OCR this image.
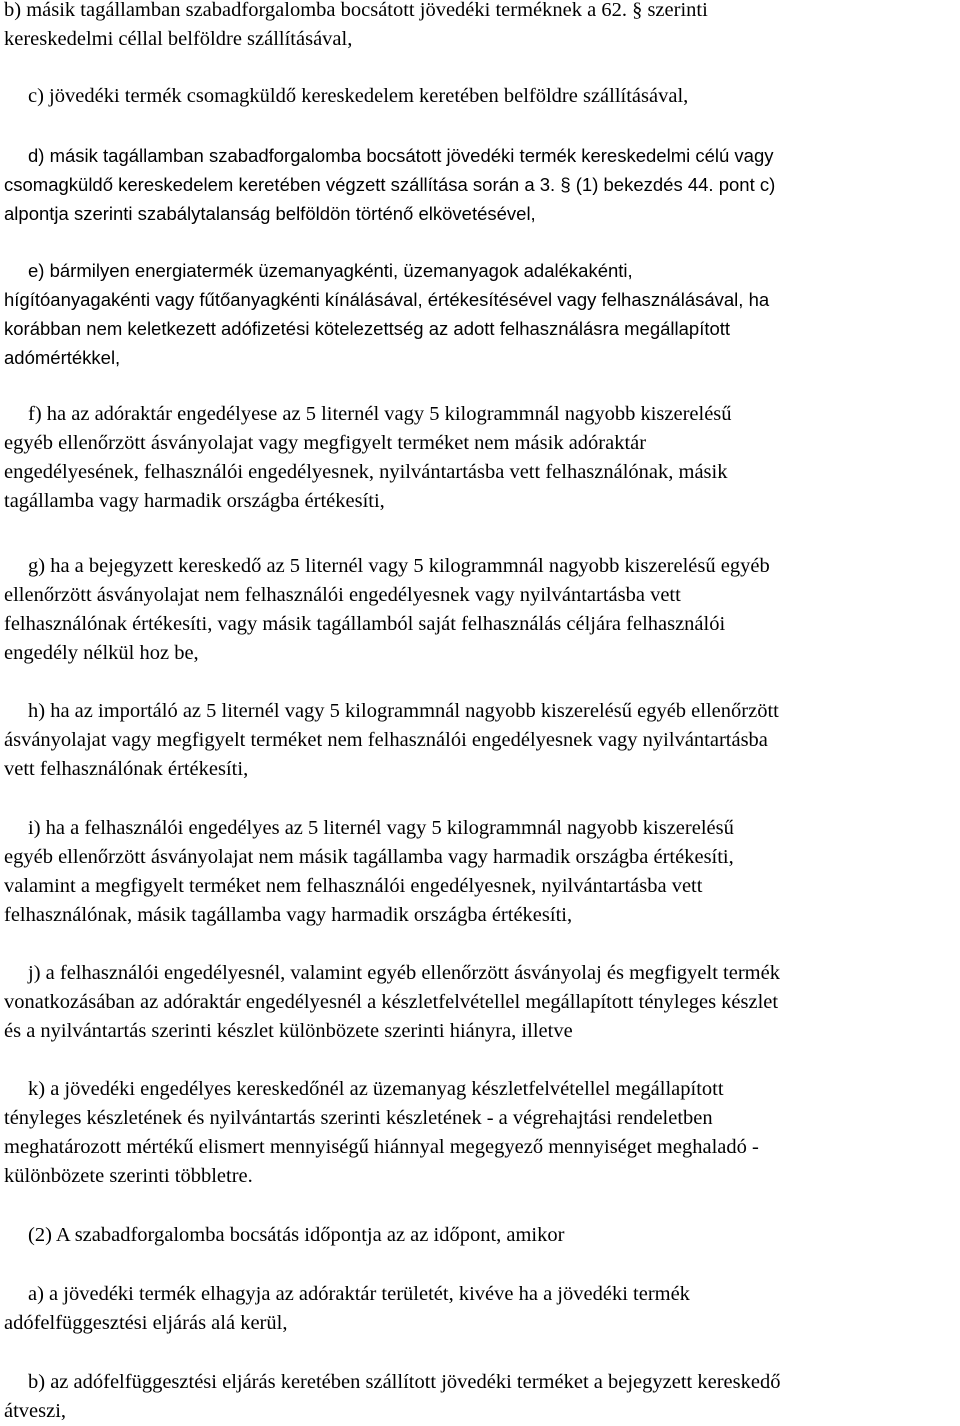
b) másik tagállamban szabadforgalomba bocsátott jövedéki terméknek a 62. § szerinti
kereskedelmi céllal belföldre szállításával,

c) jövedéki termék csomagküldő kereskedelem keretében belföldre szállításával,

d) másik tagállamban szabadforgalomba bocsátott jövedéki termék kereskedelmi célú vagy
csomagküldő kereskedelem keretében végzett szállítása során a 3. § (1) bekezdés 44. pont c)
alpontja szerinti szabálytalanság belföldön történő elkövetésével,

e) bármilyen energiatermék üzemanyagkénti, üzemanyagok adalékakénti,
hígítóanyagakénti vagy fűtőanyagkénti kínálásával, értékesítésével vagy felhasználásával, ha
korábban nem keletkezett adófizetési kötelezettség az adott felhasználásra megállapított
adómértékkel,

f) ha az adóraktár engedélyese az 5 liternél vagy 5 kilogrammnál nagyobb kiszerelésű
egyéb ellenőrzött ásványolajat vagy megfigyelt terméket nem másik adóraktár
engedélyesének, felhasználói engedélyesnek, nyilvántartásba vett felhasználónak, másik
tagállamba vagy harmadik országba értékesíti,

g) ha a bejegyzett kereskedő az 5 liternél vagy 5 kilogrammnál nagyobb kiszerelésű egyéb
ellenőrzött ásványolajat nem felhasználói engedélyesnek vagy nyilvántartásba vett
felhasználónak értékesíti, vagy másik tagállamból saját felhasználás céljára felhasználói
engedély nélkül hoz be,

h) ha az importáló az 5 liternél vagy 5 kilogrammnál nagyobb kiszerelésű egyéb ellenőrzött
ásványolajat vagy megfigyelt terméket nem felhasználói engedélyesnek vagy nyilvántartásba
vett felhasználónak értékesíti,

i) ha a felhasználói engedélyes az 5 liternél vagy 5 kilogrammnál nagyobb kiszerelésű
egyéb ellenőrzött ásványolajat nem másik tagállamba vagy harmadik országba értékesíti,
valamint a megfigyelt terméket nem felhasználói engedélyesnek, nyilvántartásba vett
felhasználónak, másik tagállamba vagy harmadik országba értékesíti,

j) a felhasználói engedélyesnél, valamint egyéb ellenőrzött ásványolaj és megfigyelt termék
vonatkozásában az adóraktár engedélyesnél a készletfelvétellel megállapított tényleges készlet
és a nyilvántartás szerinti készlet különbözete szerinti hiányra, illetve

k) a jövedéki engedélyes kereskedőnél az üzemanyag készletfelvétellel megállapított
tényleges készletének és nyilvántartás szerinti készletének - a végrehajtási rendeletben
meghatározott mértékű elismert mennyiségű hiánnyal megegyező mennyiséget meghaladó -
különbözete szerinti többletre.

(2) A szabadforgalomba bocsátás időpontja az az időpont, amikor

a) a jövedéki termék elhagyja az adóraktár területét, kivéve ha a jövedéki termék
adófelfüggesztési eljárás alá kerül,

b) az adófelfüggesztési eljárás keretében szállított jövedéki terméket a bejegyzett kereskedő
átveszi,
